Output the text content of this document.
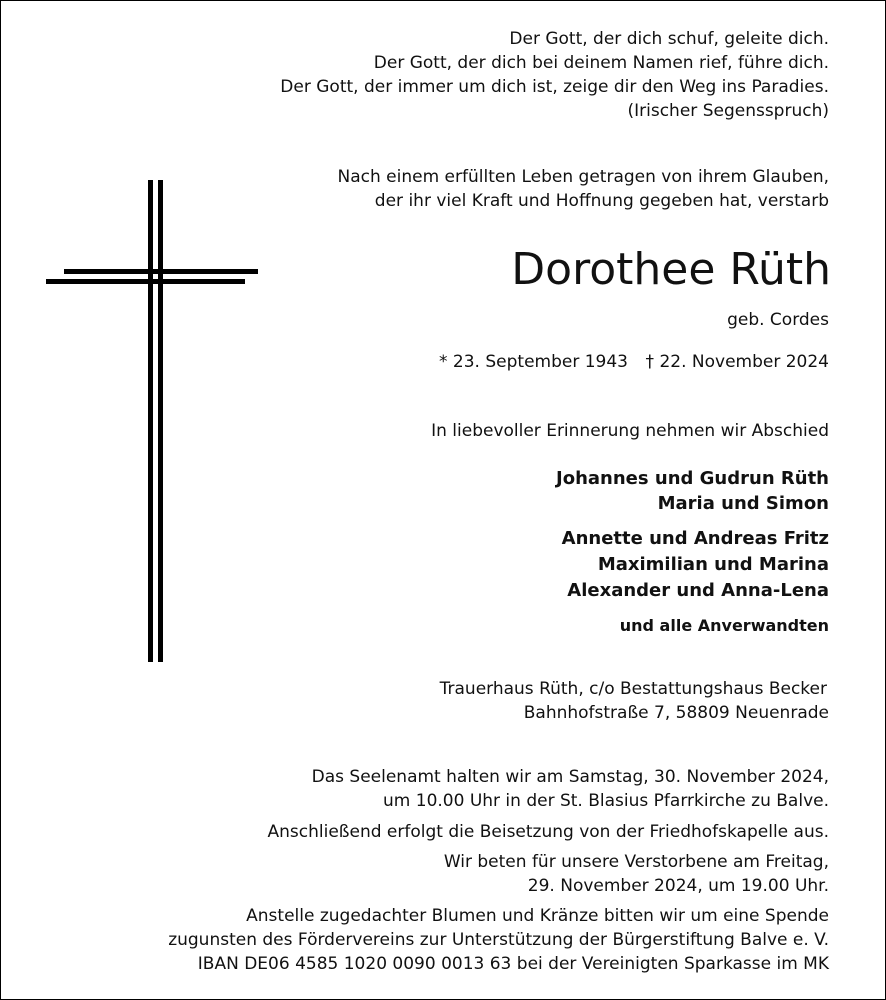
Der Gott, der dich schuf, geleite dich.
Der Gott, der dich bei deinem Namen rief, führe dich.
Der Gott, der immer um dich ist, zeige dir den Weg ins Paradies.
(Irischer Segensspruch)
Nach einem erfüllten Leben getragen von ihrem Glauben,
der ihr viel Kraft und Hoffnung gegeben hat, verstarb
Dorothee Rüth
geb. Cordes
* 23. September 1943 † 22. November 2024
In liebevoller Erinnerung nehmen wir Abschied
Johannes und Gudrun Rüth
Maria und Simon
Annette und Andreas Fritz
Maximilian und Marina
Alexander und Anna-Lena
und alle Anverwandten
Trauerhaus Rüth, c/o Bestattungshaus Becker
Bahnhofstraße 7, 58809 Neuenrade
Das Seelenamt halten wir am Samstag, 30. November 2024,
um 10.00 Uhr in der St. Blasius Pfarrkirche zu Balve.
Anschließend erfolgt die Beisetzung von der Friedhofskapelle aus.
Wir beten für unsere Verstorbene am Freitag,
29. November 2024, um 19.00 Uhr.
Anstelle zugedachter Blumen und Kränze bitten wir um eine Spende
zugunsten des Fördervereins zur Unterstützung der Bürgerstiftung Balve e. V.
IBAN DE06 4585 1020 0090 0013 63 bei der Vereinigten Sparkasse im MK
